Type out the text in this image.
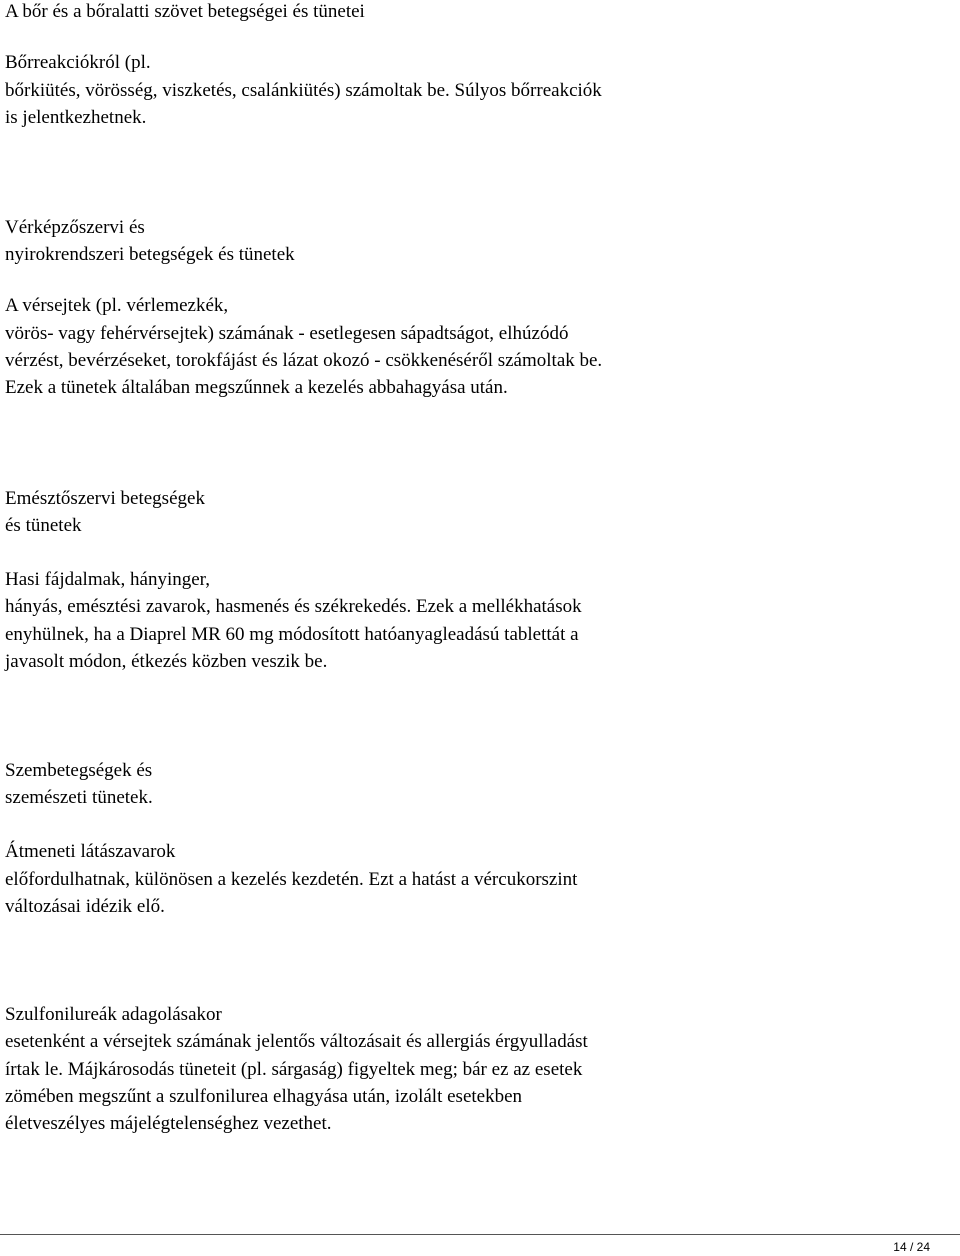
A bőr és a bőralatti szövet betegségei és tünetei
Bőrreakciókról (pl.
bőrkiütés, vörösség, viszketés, csalánkiütés) számoltak be. Súlyos bőrreakciók
is jelentkezhetnek.
Vérképzőszervi és
nyirokrendszeri betegségek és tünetek
A vérsejtek (pl. vérlemezkék,
vörös- vagy fehérvérsejtek) számának - esetlegesen sápadtságot, elhúzódó
vérzést, bevérzéseket, torokfájást és lázat okozó - csökkenéséről számoltak be.
Ezek a tünetek általában megszűnnek a kezelés abbahagyása után.
Emésztőszervi betegségek
és tünetek
Hasi fájdalmak, hányinger,
hányás, emésztési zavarok, hasmenés és székrekedés. Ezek a mellékhatások
enyhülnek, ha a Diaprel MR 60 mg módosított hatóanyagleadású tablettát a
javasolt módon, étkezés közben veszik be.
Szembetegségek és
szemészeti tünetek.
Átmeneti látászavarok
előfordulhatnak, különösen a kezelés kezdetén. Ezt a hatást a vércukorszint
változásai idézik elő.
Szulfonilureák adagolásakor
esetenként a vérsejtek számának jelentős változásait és allergiás érgyulladást
írtak le. Májkárosodás tüneteit (pl. sárgaság) figyeltek meg; bár ez az esetek
zömében megszűnt a szulfonilurea elhagyása után, izolált esetekben
életveszélyes májelégtelenséghez vezethet.
14 / 24
